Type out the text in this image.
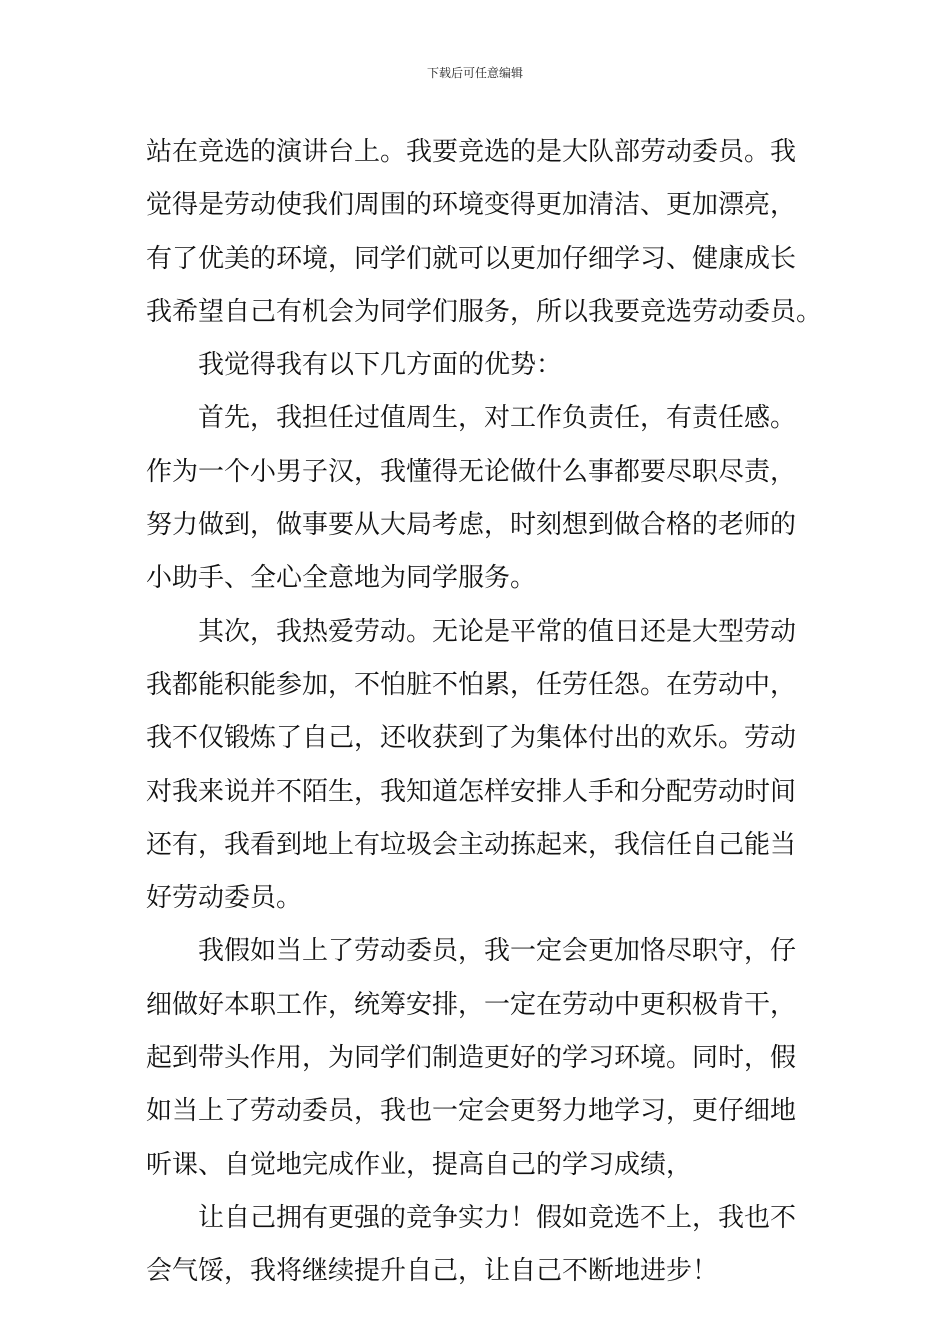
下载后可任意编辑
站在竞选的演讲台上。我要竞选的是大队部劳动委员。我
觉得是劳动使我们周围的环境变得更加清洁、更加漂亮，
有了优美的环境，同学们就可以更加仔细学习、健康成长
我希望自己有机会为同学们服务，所以我要竞选劳动委员。
我觉得我有以下几方面的优势：
首先，我担任过值周生，对工作负责任，有责任感。
作为一个小男子汉，我懂得无论做什么事都要尽职尽责，
努力做到，做事要从大局考虑，时刻想到做合格的老师的
小助手、全心全意地为同学服务。
其次，我热爱劳动。无论是平常的值日还是大型劳动
我都能积能参加，不怕脏不怕累，任劳任怨。在劳动中，
我不仅锻炼了自己，还收获到了为集体付出的欢乐。劳动
对我来说并不陌生，我知道怎样安排人手和分配劳动时间
还有，我看到地上有垃圾会主动拣起来，我信任自己能当
好劳动委员。
我假如当上了劳动委员，我一定会更加恪尽职守，仔
细做好本职工作，统筹安排，一定在劳动中更积极肯干，
起到带头作用，为同学们制造更好的学习环境。同时，假
如当上了劳动委员，我也一定会更努力地学习，更仔细地
听课、自觉地完成作业，提高自己的学习成绩，
让自己拥有更强的竞争实力！假如竞选不上，我也不
会气馁，我将继续提升自己，让自己不断地进步！
